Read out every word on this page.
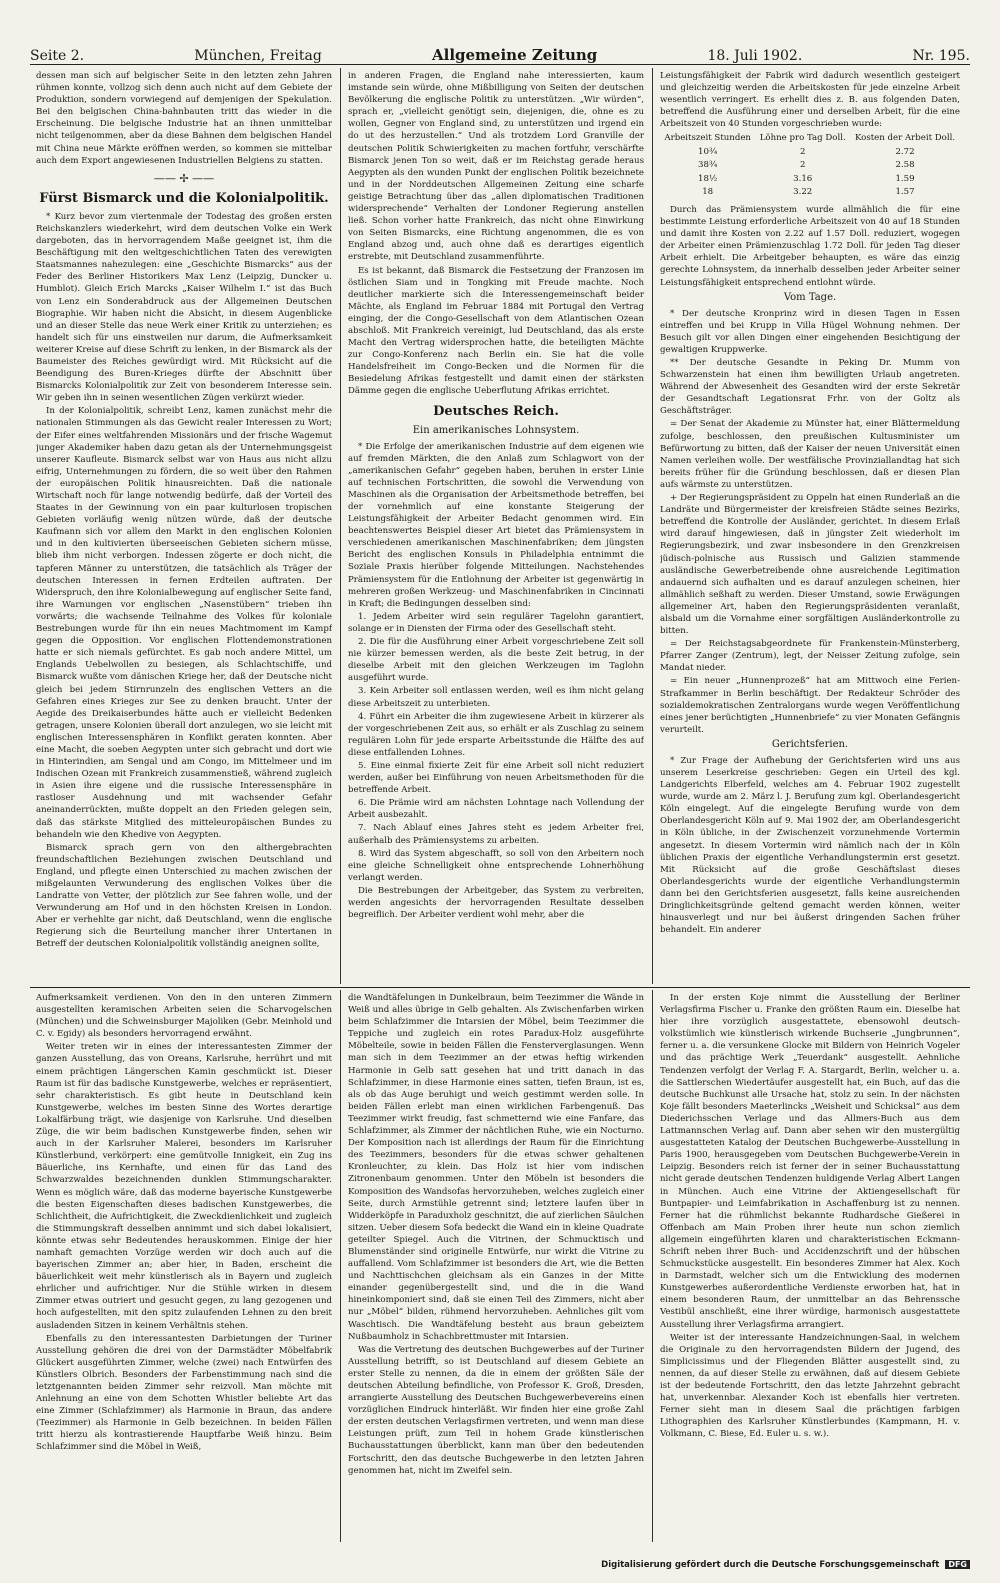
Seite 2.	München, Freitag	Allgemeine Zeitung	18. Juli 1902.	Nr. 195.

dessen man sich auf belgischer Seite in den letzten zehn Jahren rühmen konnte, vollzog sich denn auch nicht auf dem Gebiete der Produktion, sondern vorwiegend auf demjenigen der Spekulation. Bei den belgischen China-bahnbauten tritt das wieder in die Erscheinung. Die belgische Industrie hat an ihnen unmittelbar nicht teilgenommen, aber da diese Bahnen dem belgischen Handel mit China neue Märkte eröffnen werden, so kommen sie mittelbar auch dem Export angewiesenen Industriellen Belgiens zu statten.

—— ✢ ——
Fürst Bismarck und die Kolonialpolitik.

* Kurz bevor zum viertenmale der Todestag des großen ersten Reichskanzlers wiederkehrt, wird dem deutschen Volke ein Werk dargeboten, das in hervorragendem Maße geeignet ist, ihm die Beschäftigung mit den weltgeschichtlichen Taten des verewigten Staatsmannes nahezulegen: eine „Geschichte Bismarcks“ aus der Feder des Berliner Historikers Max Lenz (Leipzig, Duncker u. Humblot). Gleich Erich Marcks „Kaiser Wilhelm I.“ ist das Buch von Lenz ein Sonderabdruck aus der Allgemeinen Deutschen Biographie. Wir haben nicht die Absicht, in diesem Augenblicke und an dieser Stelle das neue Werk einer Kritik zu unterziehen; es handelt sich für uns einstweilen nur darum, die Aufmerksamkeit weiterer Kreise auf diese Schrift zu lenken, in der Bismarck als der Baumeister des Reiches gewürdigt wird. Mit Rücksicht auf die Beendigung des Buren-Krieges dürfte der Abschnitt über Bismarcks Kolonialpolitik zur Zeit von besonderem Interesse sein. Wir geben ihn in seinen wesentlichen Zügen verkürzt wieder.

In der Kolonialpolitik, schreibt Lenz, kamen zunächst mehr die nationalen Stimmungen als das Gewicht realer Interessen zu Wort; der Eifer eines weltfahrenden Missionärs und der frische Wagemut junger Akademiker haben dazu getan als der Unternehmungsgeist unserer Kaufleute. Bismarck selbst war von Haus aus nicht allzu eifrig, Unternehmungen zu fördern, die so weit über den Rahmen der europäischen Politik hinausreichten. Daß die nationale Wirtschaft noch für lange notwendig bedürfe, daß der Vorteil des Staates in der Gewinnung von ein paar kulturlosen tropischen Gebieten vorläufig wenig nützen würde, daß der deutsche Kaufmann sich vor allem den Markt in den englischen Kolonien und in den kultivierten überseeischen Gebieten sichern müsse, blieb ihm nicht verborgen. Indessen zögerte er doch nicht, die tapferen Männer zu unterstützen, die tatsächlich als Träger der deutschen Interessen in fernen Erdteilen auftraten. Der Widerspruch, den ihre Kolonialbewegung auf englischer Seite fand, ihre Warnungen vor englischen „Nasenstübern“ trieben ihn vorwärts; die wachsende Teilnahme des Volkes für koloniale Bestrebungen wurde für ihn ein neues Machtmoment im Kampf gegen die Opposition. Vor englischen Flottendemonstrationen hatte er sich niemals gefürchtet. Es gab noch andere Mittel, um Englands Uebelwollen zu besiegen, als Schlachtschiffe, und Bismarck wußte vom dänischen Kriege her, daß der Deutsche nicht gleich bei jedem Stirnrunzeln des englischen Vetters an die Gefahren eines Krieges zur See zu denken braucht. Unter der Aegide des Dreikaiserbundes hätte auch er vielleicht Bedenken getragen, unsere Kolonien überall dort anzulegen, wo sie leicht mit englischen Interessensphären in Konflikt geraten konnten. Aber eine Macht, die soeben Aegypten unter sich gebracht und dort wie in Hinterindien, am Sengal und am Congo, im Mittelmeer und im Indischen Ozean mit Frankreich zusammenstieß, während zugleich in Asien ihre eigene und die russische Interessensphäre in rastloser Ausdehnung und mit wachsender Gefahr aneinanderrückten, mußte doppelt an den Frieden gelegen sein, daß das stärkste Mitglied des mitteleuropäischen Bundes zu behandeln wie den Khedive von Aegypten.

Bismarck sprach gern von den althergebrachten freundschaftlichen Beziehungen zwischen Deutschland und England, und pflegte einen Unterschied zu machen zwischen der mißgelaunten Verwunderung des englischen Volkes über die Landratte von Vetter, der plötzlich zur See fahren wolle, und der Verwunderung am Hof und in den höchsten Kreisen in London. Aber er verhehlte gar nicht, daß Deutschland, wenn die englische Regierung sich die Beurteilung mancher ihrer Untertanen in Betreff der deutschen Kolonialpolitik vollständig aneignen sollte,

in anderen Fragen, die England nahe interessierten, kaum imstande sein würde, ohne Mißbilligung von Seiten der deutschen Bevölkerung die englische Politik zu unterstützen. „Wir würden“, sprach er, „vielleicht genötigt sein, diejenigen, die, ohne es zu wollen, Gegner von England sind, zu unterstützen und irgend ein do ut des herzustellen.“ Und als trotzdem Lord Granville der deutschen Politik Schwierigkeiten zu machen fortfuhr, verschärfte Bismarck jenen Ton so weit, daß er im Reichstag gerade heraus Aegypten als den wunden Punkt der englischen Politik bezeichnete und in der Norddeutschen Allgemeinen Zeitung eine scharfe geistige Betrachtung über das „allen diplomatischen Traditionen widersprechende“ Verhalten der Londoner Regierung anstellen ließ. Schon vorher hatte Frankreich, das nicht ohne Einwirkung von Seiten Bismarcks, eine Richtung angenommen, die es von England abzog und, auch ohne daß es derartiges eigentlich erstrebte, mit Deutschland zusammenführte.

Es ist bekannt, daß Bismarck die Festsetzung der Franzosen im östlichen Siam und in Tongking mit Freude machte. Noch deutlicher markierte sich die Interessengemeinschaft beider Mächte, als England im Februar 1884 mit Portugal den Vertrag einging, der die Congo-Gesellschaft von dem Atlantischen Ozean abschloß. Mit Frankreich vereinigt, lud Deutschland, das als erste Macht den Vertrag widersprochen hatte, die beteiligten Mächte zur Congo-Konferenz nach Berlin ein. Sie hat die volle Handelsfreiheit im Congo-Becken und die Normen für die Besiedelung Afrikas festgestellt und damit einen der stärksten Dämme gegen die englische Ueberflutung Afrikas errichtet.

Deutsches Reich.
Ein amerikanisches Lohnsystem.

* Die Erfolge der amerikanischen Industrie auf dem eigenen wie auf fremden Märkten, die den Anlaß zum Schlagwort von der „amerikanischen Gefahr“ gegeben haben, beruhen in erster Linie auf technischen Fortschritten, die sowohl die Verwendung von Maschinen als die Organisation der Arbeitsmethode betreffen, bei der vornehmlich auf eine konstante Steigerung der Leistungsfähigkeit der Arbeiter Bedacht genommen wird. Ein beachtenswertes Beispiel dieser Art bietet das Prämiensystem in verschiedenen amerikanischen Maschinenfabriken; dem jüngsten Bericht des englischen Konsuls in Philadelphia entnimmt die Soziale Praxis hierüber folgende Mitteilungen. Nachstehendes Prämiensystem für die Entlohnung der Arbeiter ist gegenwärtig in mehreren großen Werkzeug- und Maschinenfabriken in Cincinnati in Kraft; die Bedingungen desselben sind:

1. Jedem Arbeiter wird sein regulärer Tagelohn garantiert, solange er in Diensten der Firma oder des Gesellschaft steht.

2. Die für die Ausführung einer Arbeit vorgeschriebene Zeit soll nie kürzer bemessen werden, als die beste Zeit betrug, in der dieselbe Arbeit mit den gleichen Werkzeugen im Taglohn ausgeführt wurde.

3. Kein Arbeiter soll entlassen werden, weil es ihm nicht gelang diese Arbeitszeit zu unterbieten.

4. Führt ein Arbeiter die ihm zugewiesene Arbeit in kürzerer als der vorgeschriebenen Zeit aus, so erhält er als Zuschlag zu seinem regulären Lohn für jede ersparte Arbeitsstunde die Hälfte des auf diese entfallenden Lohnes.

5. Eine einmal fixierte Zeit für eine Arbeit soll nicht reduziert werden, außer bei Einführung von neuen Arbeitsmethoden für die betreffende Arbeit.

6. Die Prämie wird am nächsten Lohntage nach Vollendung der Arbeit ausbezahlt.

7. Nach Ablauf eines Jahres steht es jedem Arbeiter frei, außerhalb des Prämiensystems zu arbeiten.

8. Wird das System abgeschafft, so soll von den Arbeitern noch eine gleiche Schnelligkeit ohne entsprechende Lohnerhöhung verlangt werden.

Die Bestrebungen der Arbeitgeber, das System zu verbreiten, werden angesichts der hervorragenden Resultate desselben begreiflich. Der Arbeiter verdient wohl mehr, aber die

Leistungsfähigkeit der Fabrik wird dadurch wesentlich gesteigert und gleichzeitig werden die Arbeitskosten für jede einzelne Arbeit wesentlich verringert. Es erhellt dies z. B. aus folgenden Daten, betreffend die Ausführung einer und derselben Arbeit, für die eine Arbeitszeit von 40 Stunden vorgeschrieben wurde:

Arbeitszeit Stunden	Löhne pro Tag Doll.	Kosten der Arbeit Doll.
10¾	2	2.72
38¾	2	2.58
18½	3.16	1.59
18	3.22	1.57

Durch das Prämiensystem wurde allmählich die für eine bestimmte Leistung erforderliche Arbeitszeit von 40 auf 18 Stunden und damit ihre Kosten von 2.22 auf 1.57 Doll. reduziert, wogegen der Arbeiter einen Prämienzuschlag 1.72 Doll. für jeden Tag dieser Arbeit erhielt. Die Arbeitgeber behaupten, es wäre das einzig gerechte Lohnsystem, da innerhalb desselben jeder Arbeiter seiner Leistungsfähigkeit entsprechend entlohnt würde.

Vom Tage.

* Der deutsche Kronprinz wird in diesen Tagen in Essen eintreffen und bei Krupp in Villa Hügel Wohnung nehmen. Der Besuch gilt vor allen Dingen einer eingehenden Besichtigung der gewaltigen Kruppwerke.

** Der deutsche Gesandte in Peking Dr. Mumm von Schwarzenstein hat einen ihm bewilligten Urlaub angetreten. Während der Abwesenheit des Gesandten wird der erste Sekretär der Gesandtschaft Legationsrat Frhr. von der Goltz als Geschäftsträger.

= Der Senat der Akademie zu Münster hat, einer Blättermeldung zufolge, beschlossen, den preußischen Kultusminister um Befürwortung zu bitten, daß der Kaiser der neuen Universität einen Namen verleihen wolle. Der westfälische Provinziallandtag hat sich bereits früher für die Gründung beschlossen, daß er diesen Plan aufs wärmste zu unterstützen.

+ Der Regierungspräsident zu Oppeln hat einen Runderlaß an die Landräte und Bürgermeister der kreisfreien Städte seines Bezirks, betreffend die Kontrolle der Ausländer, gerichtet. In diesem Erlaß wird darauf hingewiesen, daß in jüngster Zeit wiederholt im Regierungsbezirk, und zwar insbesondere in den Grenzkreisen jüdisch-polnische aus Russisch und Galizien stammende ausländische Gewerbetreibende ohne ausreichende Legitimation andauernd sich aufhalten und es darauf anzulegen scheinen, hier allmählich seßhaft zu werden. Dieser Umstand, sowie Erwägungen allgemeiner Art, haben den Regierungspräsidenten veranlaßt, alsbald um die Vornahme einer sorgfältigen Ausländerkontrolle zu bitten.

= Der Reichstagsabgeordnete für Frankenstein-Münsterberg, Pfarrer Zanger (Zentrum), legt, der Neisser Zeitung zufolge, sein Mandat nieder.

= Ein neuer „Hunnenprozeß“ hat am Mittwoch eine Ferien-Strafkammer in Berlin beschäftigt. Der Redakteur Schröder des sozialdemokratischen Zentralorgans wurde wegen Veröffentlichung eines jener berüchtigten „Hunnenbriefe“ zu vier Monaten Gefängnis verurteilt.

Gerichtsferien.

* Zur Frage der Aufhebung der Gerichtsferien wird uns aus unserem Leserkreise geschrieben: Gegen ein Urteil des kgl. Landgerichts Elberfeld, welches am 4. Februar 1902 zugestellt wurde, wurde am 2. März l. J. Berufung zum kgl. Oberlandesgericht Köln eingelegt. Auf die eingelegte Berufung wurde von dem Oberlandesgericht Köln auf 9. Mai 1902 der, am Oberlandesgericht in Köln übliche, in der Zwischenzeit vorzunehmende Vortermin angesetzt. In diesem Vortermin wird nämlich nach der in Köln üblichen Praxis der eigentliche Verhandlungstermin erst gesetzt. Mit Rücksicht auf die große Geschäftslast dieses Oberlandesgerichts wurde der eigentliche Verhandlungstermin dann bei den Gerichtsferien ausgesetzt, falls keine ausreichenden Dringlichkeitsgründe geltend gemacht werden können, weiter hinausverlegt und nur bei äußerst dringenden Sachen früher behandelt. Ein anderer

Aufmerksamkeit verdienen. Von den in den unteren Zimmern ausgestellten keramischen Arbeiten seien die Scharvogelschen (München) und die Schweinsburger Majoliken (Gebr. Meinhold und C. v. Egidy) als besonders hervorragend erwähnt.

Weiter treten wir in eines der interessantesten Zimmer der ganzen Ausstellung, das von Oreans, Karlsruhe, herrührt und mit einem prächtigen Längerschen Kamin geschmückt ist. Dieser Raum ist für das badische Kunstgewerbe, welches er repräsentiert, sehr charakteristisch. Es gibt heute in Deutschland kein Kunstgewerbe, welches im besten Sinne des Wortes derartige Lokalfärbung trägt, wie dasjenige von Karlsruhe. Und dieselben Züge, die wir beim badischen Kunstgewerbe finden, sehen wir auch in der Karlsruher Malerei, besonders im Karlsruher Künstlerbund, verkörpert: eine gemütvolle Innigkeit, ein Zug ins Bäuerliche, ins Kernhafte, und einen für das Land des Schwarzwaldes bezeichnenden dunklen Stimmungscharakter. Wenn es möglich wäre, daß das moderne bayerische Kunstgewerbe die besten Eigenschaften dieses badischen Kunstgewerbes, die Schlichtheit, die Aufrichtigkeit, die Zweckdienlichkeit und zugleich die Stimmungskraft desselben annimmt und sich dabei lokalisiert, könnte etwas sehr Bedeutendes herauskommen. Einige der hier namhaft gemachten Vorzüge werden wir doch auch auf die bayerischen Zimmer an; aber hier, in Baden, erscheint die bäuerlichkeit weit mehr künstlerisch als in Bayern und zugleich ehrlicher und aufrichtiger. Nur die Stühle wirken in diesem Zimmer etwas outriert und gesucht gegen, zu lang gezogenen und hoch aufgestellten, mit den spitz zulaufenden Lehnen zu den breit ausladenden Sitzen in keinem Verhältnis stehen.

Ebenfalls zu den interessantesten Darbietungen der Turiner Ausstellung gehören die drei von der Darmstädter Möbelfabrik Glückert ausgeführten Zimmer, welche (zwei) nach Entwürfen des Künstlers Olbrich. Besonders der Farbenstimmung nach sind die letztgenannten beiden Zimmer sehr reizvoll. Man möchte mit Anlehnung an eine von dem Schotten Whistler beliebte Art das eine Zimmer (Schlafzimmer) als Harmonie in Braun, das andere (Teezimmer) als Harmonie in Gelb bezeichnen. In beiden Fällen tritt hierzu als kontrastierende Hauptfarbe Weiß hinzu. Beim Schlafzimmer sind die Möbel in Weiß,

die Wandtäfelungen in Dunkelbraun, beim Teezimmer die Wände in Weiß und alles übrige in Gelb gehalten. Als Zwischenfarben wirken beim Schlafzimmer die Intarsien der Möbel, beim Teezimmer die Teppiche und zugleich ein rotes Paradux-Holz ausgeführte Möbelteile, sowie in beiden Fällen die Fensterverglasungen. Wenn man sich in dem Teezimmer an der etwas heftig wirkenden Harmonie in Gelb satt gesehen hat und tritt danach in das Schlafzimmer, in diese Harmonie eines satten, tiefen Braun, ist es, als ob das Auge beruhigt und weich gestimmt werden solle. In beiden Fällen erlebt man einen wirklichen Farbengenuß. Das Teezimmer wirkt freudig, fast schmetternd wie eine Fanfare, das Schlafzimmer, als Zimmer der nächtlichen Ruhe, wie ein Nocturno. Der Komposition nach ist allerdings der Raum für die Einrichtung des Teezimmers, besonders für die etwas schwer gehaltenen Kronleuchter, zu klein. Das Holz ist hier vom indischen Zitronenbaum genommen. Unter den Möbeln ist besonders die Komposition des Wandsofas hervorzuheben, welches zugleich einer Seite, durch Armstühle getrennt sind; letztere laufen über in Widderköpfe in Paraduxholz geschnitzt, die auf zierlichen Säulchen sitzen. Ueber diesem Sofa bedeckt die Wand ein in kleine Quadrate geteilter Spiegel. Auch die Vitrinen, der Schmucktisch und Blumenständer sind originelle Entwürfe, nur wirkt die Vitrine zu auffallend. Vom Schlafzimmer ist besonders die Art, wie die Betten und Nachttischchen gleichsam als ein Ganzes in der Mitte einander gegenübergestellt sind, und die in die Wand hineinkomponiert sind, daß sie einen Teil des Zimmers, nicht aber nur „Möbel“ bilden, rühmend hervorzuheben. Aehnliches gilt vom Waschtisch. Die Wandtäfelung besteht aus braun gebeiztem Nußbaumholz in Schachbrettmuster mit Intarsien.

Was die Vertretung des deutschen Buchgewerbes auf der Turiner Ausstellung betrifft, so ist Deutschland auf diesem Gebiete an erster Stelle zu nennen, da die in einem der größten Säle der deutschen Abteilung befindliche, von Professor K. Groß, Dresden, arrangierte Ausstellung des Deutschen Buchgewerbevereins einen vorzüglichen Eindruck hinterläßt. Wir finden hier eine große Zahl der ersten deutschen Verlagsfirmen vertreten, und wenn man diese Leistungen prüft, zum Teil in hohem Grade künstlerischen Buchausstattungen überblickt, kann man über den bedeutenden Fortschritt, den das deutsche Buchgewerbe in den letzten Jahren genommen hat, nicht im Zweifel sein.

In der ersten Koje nimmt die Ausstellung der Berliner Verlagsfirma Fischer u. Franke den größten Raum ein. Dieselbe hat hier ihre vorzüglich ausgestattete, ebensowohl deutsch-volkstümlich wie künstlerisch wirkende Buchserie „Jungbrunnen“, ferner u. a. die versunkene Glocke mit Bildern von Heinrich Vogeler und das prächtige Werk „Teuerdank“ ausgestellt. Aehnliche Tendenzen verfolgt der Verlag F. A. Stargardt, Berlin, welcher u. a. die Sattlerschen Wiedertäufer ausgestellt hat, ein Buch, auf das die deutsche Buchkunst alle Ursache hat, stolz zu sein. In der nächsten Koje fällt besonders Maeterlincks „Weisheit und Schicksal“ aus dem Diederichsschen Verlage und das Allmers-Buch aus dem Lattmannschen Verlag auf. Dann aber sehen wir den mustergültig ausgestatteten Katalog der Deutschen Buchgewerbe-Ausstellung in Paris 1900, herausgegeben vom Deutschen Buchgewerbe-Verein in Leipzig. Besonders reich ist ferner der in seiner Buchausstattung nicht gerade deutschen Tendenzen huldigende Verlag Albert Langen in München. Auch eine Vitrine der Aktiengesellschaft für Buntpapier- und Leimfabrikation in Aschaffenburg ist zu nennen. Ferner hat die rühmlichst bekannte Rudhardsche Gießerei in Offenbach am Main Proben ihrer heute nun schon ziemlich allgemein eingeführten klaren und charakteristischen Eckmann-Schrift neben ihrer Buch- und Accidenzschrift und der hübschen Schmuckstücke ausgestellt. Ein besonderes Zimmer hat Alex. Koch in Darmstadt, welcher sich um die Entwicklung des modernen Kunstgewerbes außerordentliche Verdienste erworben hat, hat in einem besonderen Raum, der unmittelbar an das Behrenssche Vestibül anschließt, eine ihrer würdige, harmonisch ausgestattete Ausstellung ihrer Verlagsfirma arrangiert.

Weiter ist der interessante Handzeichnungen-Saal, in welchem die Originale zu den hervorragendsten Bildern der Jugend, des Simplicissimus und der Fliegenden Blätter ausgestellt sind, zu nennen, da auf dieser Stelle zu erwähnen, daß auf diesem Gebiete ist der bedeutende Fortschritt, den das letzte Jahrzehnt gebracht hat, unverkennbar. Alexander Koch ist ebenfalls hier vertreten. Ferner sieht man in diesem Saal die prächtigen farbigen Lithographien des Karlsruher Künstlerbundes (Kampmann, H. v. Volkmann, C. Biese, Ed. Euler u. s. w.).

Digitalisierung gefördert durch die Deutsche Forschungsgemeinschaft DFG
